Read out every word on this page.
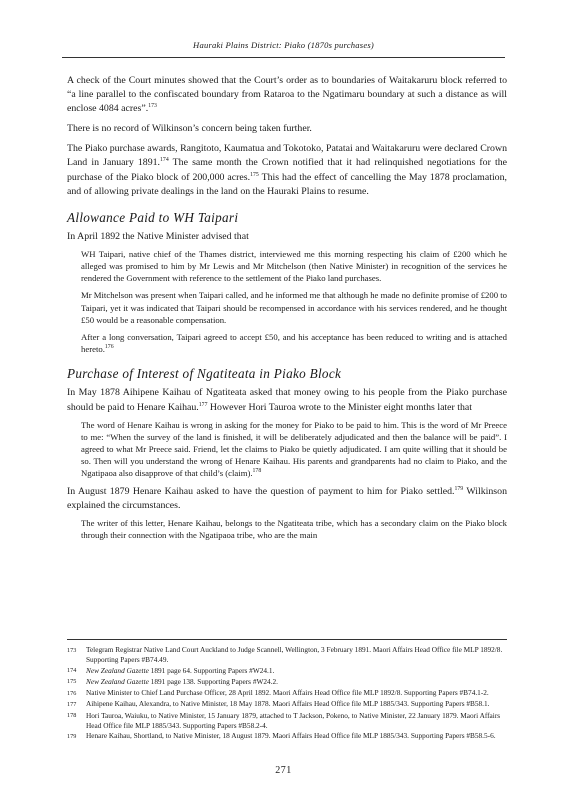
Hauraki Plains District: Piako (1870s purchases)

A check of the Court minutes showed that the Court’s order as to boundaries of Waitakaruru block referred to “a line parallel to the confiscated boundary from Rataroa to the Ngatimaru boundary at such a distance as will enclose 4084 acres”.$^{173}$

There is no record of Wilkinson’s concern being taken further.

The Piako purchase awards, Rangitoto, Kaumatua and Tokotoko, Patatai and Waitakaruru were declared Crown Land in January 1891.$^{174}$ The same month the Crown notified that it had relinquished negotiations for the purchase of the Piako block of 200,000 acres.$^{175}$ This had the effect of cancelling the May 1878 proclamation, and of allowing private dealings in the land on the Hauraki Plains to resume.

Allowance Paid to WH Taipari

In April 1892 the Native Minister advised that

WH Taipari, native chief of the Thames district, interviewed me this morning respecting his claim of £200 which he alleged was promised to him by Mr Lewis and Mr Mitchelson (then Native Minister) in recognition of the services he rendered the Government with reference to the settlement of the Piako land purchases.

Mr Mitchelson was present when Taipari called, and he informed me that although he made no definite promise of £200 to Taipari, yet it was indicated that Taipari should be recompensed in accordance with his services rendered, and he thought £50 would be a reasonable compensation.

After a long conversation, Taipari agreed to accept £50, and his acceptance has been reduced to writing and is attached hereto.$^{176}$

Purchase of Interest of Ngatiteata in Piako Block

In May 1878 Aihipene Kaihau of Ngatiteata asked that money owing to his people from the Piako purchase should be paid to Henare Kaihau.$^{177}$ However Hori Tauroa wrote to the Minister eight months later that

The word of Henare Kaihau is wrong in asking for the money for Piako to be paid to him. This is the word of Mr Preece to me: “When the survey of the land is finished, it will be deliberately adjudicated and then the balance will be paid”. I agreed to what Mr Preece said. Friend, let the claims to Piako be quietly adjudicated. I am quite willing that it should be so. Then will you understand the wrong of Henare Kaihau. His parents and grandparents had no claim to Piako, and the Ngatipaoa also disapprove of that child’s (claim).$^{178}$

In August 1879 Henare Kaihau asked to have the question of payment to him for Piako settled.$^{179}$ Wilkinson explained the circumstances.

The writer of this letter, Henare Kaihau, belongs to the Ngatiteata tribe, which has a secondary claim on the Piako block through their connection with the Ngatipaoa tribe, who are the main

173	Telegram Registrar Native Land Court Auckland to Judge Scannell, Wellington, 3 February 1891. Maori Affairs Head Office file MLP 1892/8. Supporting Papers #B74.49.
174	New Zealand Gazette 1891 page 64. Supporting Papers #W24.1.
175	New Zealand Gazette 1891 page 138. Supporting Papers #W24.2.
176	Native Minister to Chief Land Purchase Officer, 28 April 1892. Maori Affairs Head Office file MLP 1892/8. Supporting Papers #B74.1-2.
177	Aihipene Kaihau, Alexandra, to Native Minister, 18 May 1878. Maori Affairs Head Office file MLP 1885/343. Supporting Papers #B58.1.
178	Hori Tauroa, Waiuku, to Native Minister, 15 January 1879, attached to T Jackson, Pokeno, to Native Minister, 22 January 1879. Maori Affairs Head Office file MLP 1885/343. Supporting Papers #B58.2-4.
179	Henare Kaihau, Shortland, to Native Minister, 18 August 1879. Maori Affairs Head Office file MLP 1885/343. Supporting Papers #B58.5-6.
271
